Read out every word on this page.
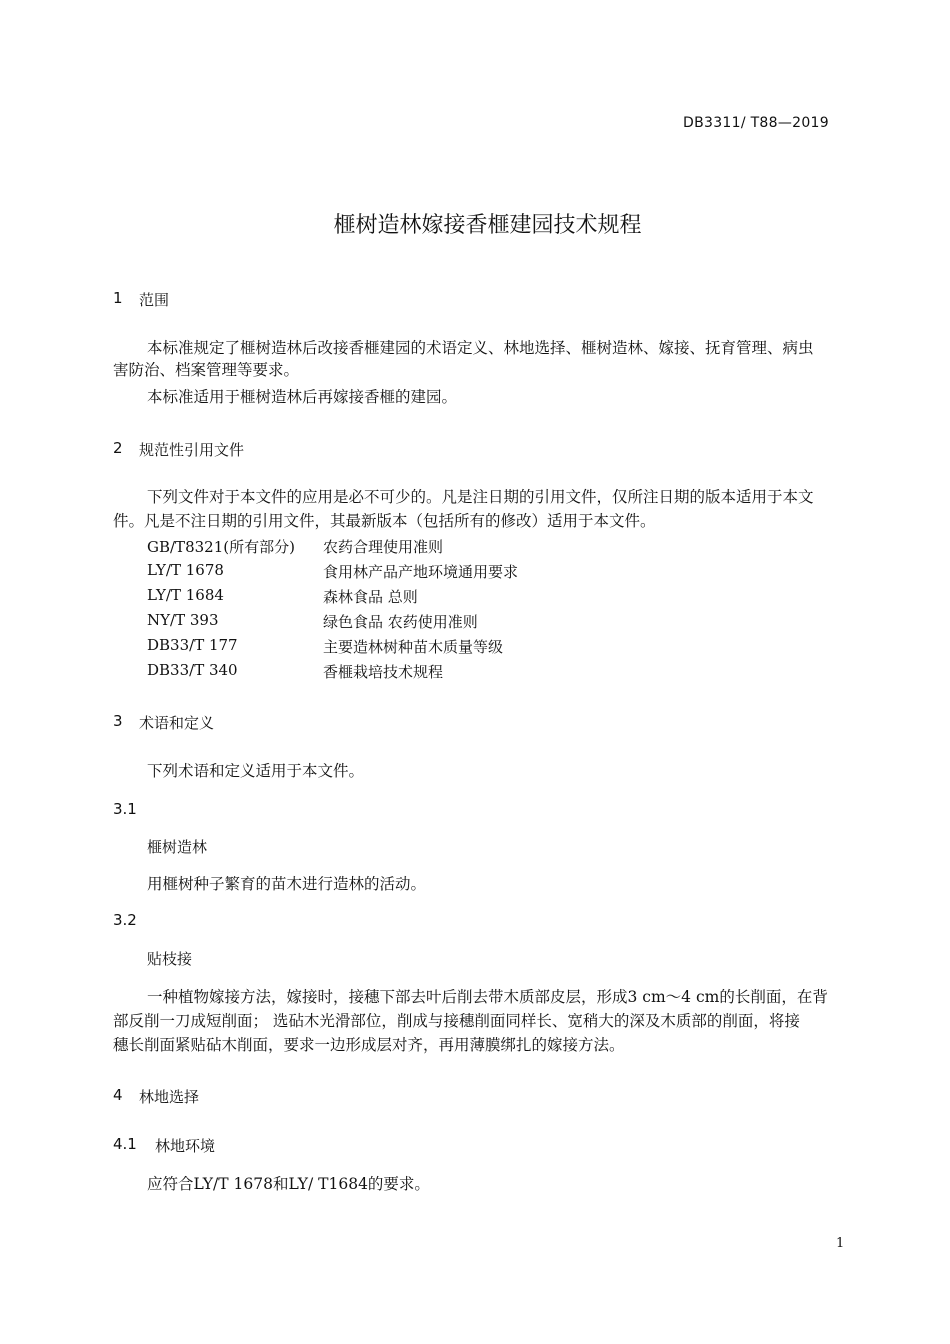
DB3311/ T88—2019
榧树造林嫁接香榧建园技术规程
1 范围
本标准规定了榧树造林后改接香榧建园的术语定义、林地选择、榧树造林、嫁接、抚育管理、病虫
害防治、档案管理等要求。
本标准适用于榧树造林后再嫁接香榧的建园。
2 规范性引用文件
下列文件对于本文件的应用是必不可少的。凡是注日期的引用文件，仅所注日期的版本适用于本文
件。凡是不注日期的引用文件，其最新版本（包括所有的修改）适用于本文件。
GB/T8321(所有部分) 农药合理使用准则
LY/T 1678	食用林产品产地环境通用要求
LY/T 1684	森林食品 总则
NY/T 393	绿色食品 农药使用准则
DB33/T 177	主要造林树种苗木质量等级
DB33/T 340	香榧栽培技术规程
3 术语和定义
下列术语和定义适用于本文件。
3.1
榧树造林
用榧树种子繁育的苗木进行造林的活动。
3.2
贴枝接
一种植物嫁接方法，嫁接时，接穗下部去叶后削去带木质部皮层，形成3 cm～4 cm的长削面，在背
部反削一刀成短削面； 选砧木光滑部位，削成与接穗削面同样长、宽稍大的深及木质部的削面，将接
穗长削面紧贴砧木削面，要求一边形成层对齐，再用薄膜绑扎的嫁接方法。
4 林地选择
4.1 林地环境
应符合LY/T 1678和LY/ T1684的要求。
1
